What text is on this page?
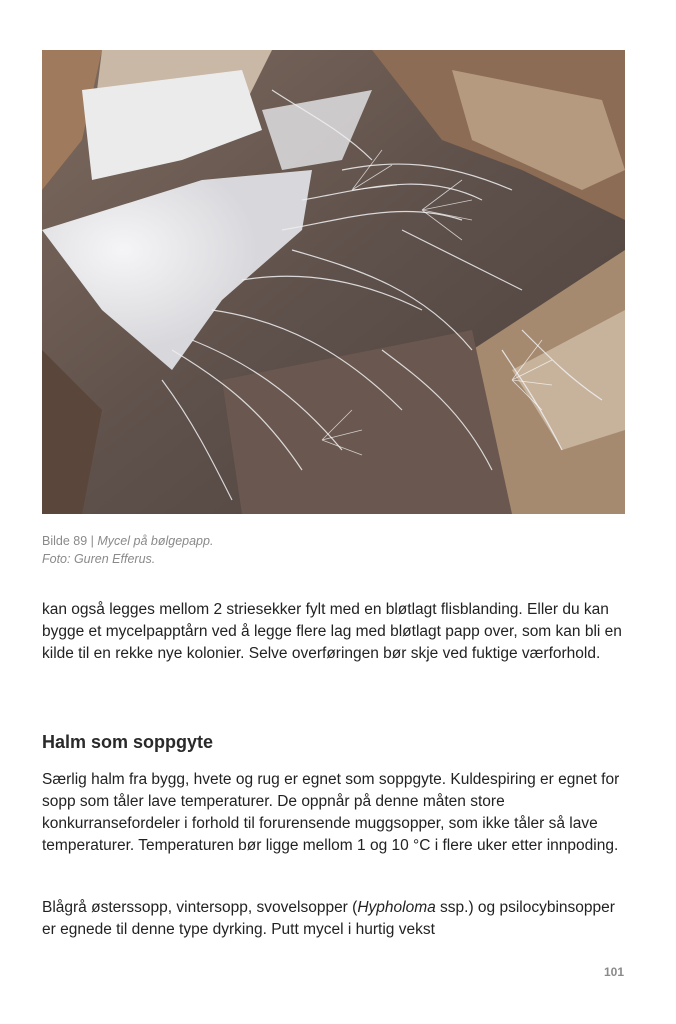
Bilde 89 | Mycel på bølgepapp.
Foto: Guren Efferus.
kan også legges mellom 2 striesekker fylt med en bløtlagt flisblanding. Eller du kan bygge et mycelpapptårn ved å legge flere lag med bløtlagt papp over, som kan bli en kilde til en rekke nye kolonier. Selve overføringen bør skje ved fuktige værforhold.
Halm som soppgyte
Særlig halm fra bygg, hvete og rug er egnet som soppgyte. Kuldespiring er egnet for sopp som tåler lave temperaturer. De oppnår på denne måten store konkurransefordeler i forhold til forurensende muggsopper, som ikke tåler så lave temperaturer. Temperaturen bør ligge mellom 1 og 10 °C i flere uker etter innpoding.
Blågrå østerssopp, vintersopp, svovelsopper (Hypholoma ssp.) og psilocybinsopper er egnede til denne type dyrking. Putt mycel i hurtig vekst
101
